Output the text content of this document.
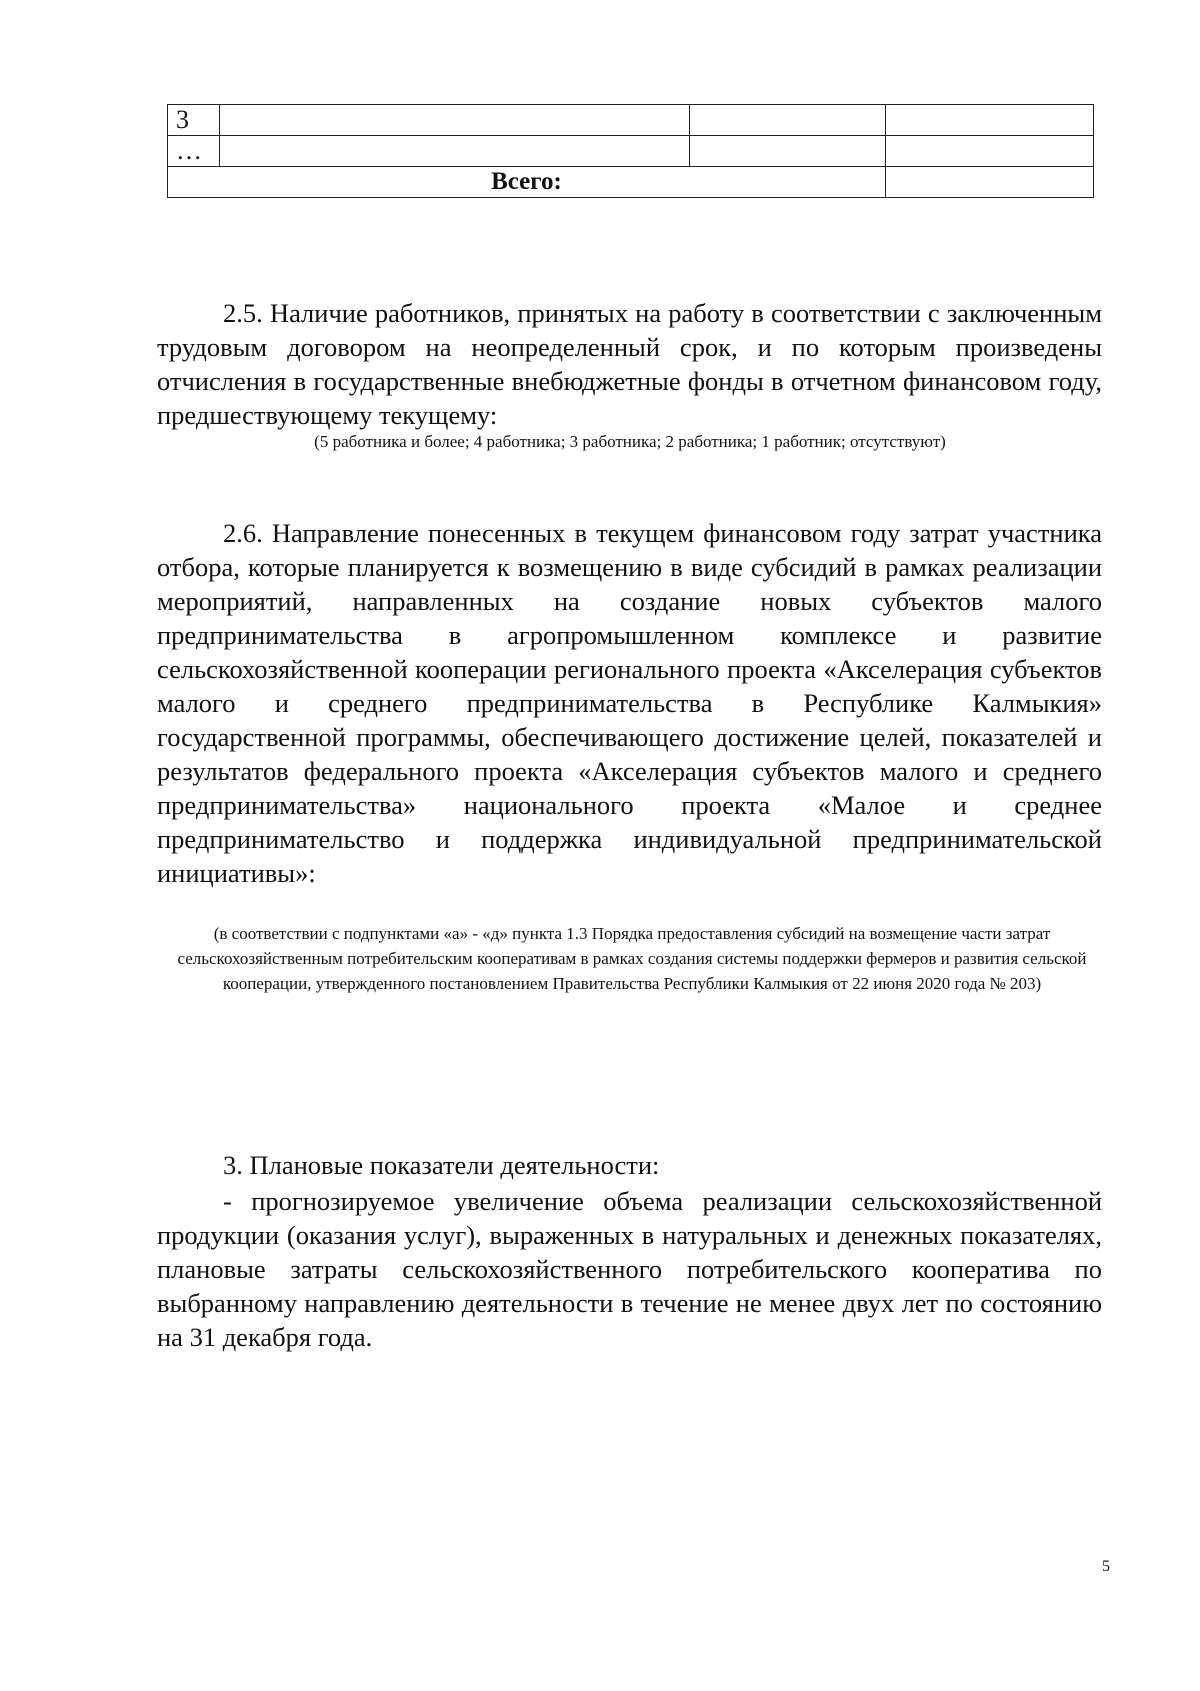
3			
…			
Всего:			

2.5. Наличие работников, принятых на работу в соответствии с заключенным трудовым договором на неопределенный срок, и по которым произведены отчисления в государственные внебюджетные фонды в отчетном финансовом году, предшествующему текущему:

(5 работника и более; 4 работника; 3 работника; 2 работника; 1 работник; отсутствуют)

2.6. Направление понесенных в текущем финансовом году затрат участника отбора, которые планируется к возмещению в виде субсидий в рамках реализации мероприятий, направленных на создание новых субъектов малого предпринимательства в агропромышленном комплексе и развитие сельскохозяйственной кооперации регионального проекта «Акселерация субъектов малого и среднего предпринимательства в Республике Калмыкия» государственной программы, обеспечивающего достижение целей, показателей и результатов федерального проекта «Акселерация субъектов малого и среднего предпринимательства» национального проекта «Малое и среднее предпринимательство и поддержка индивидуальной предпринимательской инициативы»:

(в соответствии с подпунктами «а» - «д» пункта 1.3 Порядка предоставления субсидий на возмещение части затрат сельскохозяйственным потребительским кооперативам в рамках создания системы поддержки фермеров и развития сельской кооперации, утвержденного постановлением Правительства Республики Калмыкия от 22 июня 2020 года № 203)

3. Плановые показатели деятельности:

- прогнозируемое увеличение объема реализации сельскохозяйственной продукции (оказания услуг), выраженных в натуральных и денежных показателях, плановые затраты сельскохозяйственного потребительского кооператива по выбранному направлению деятельности в течение не менее двух лет по состоянию на 31 декабря года.

5
